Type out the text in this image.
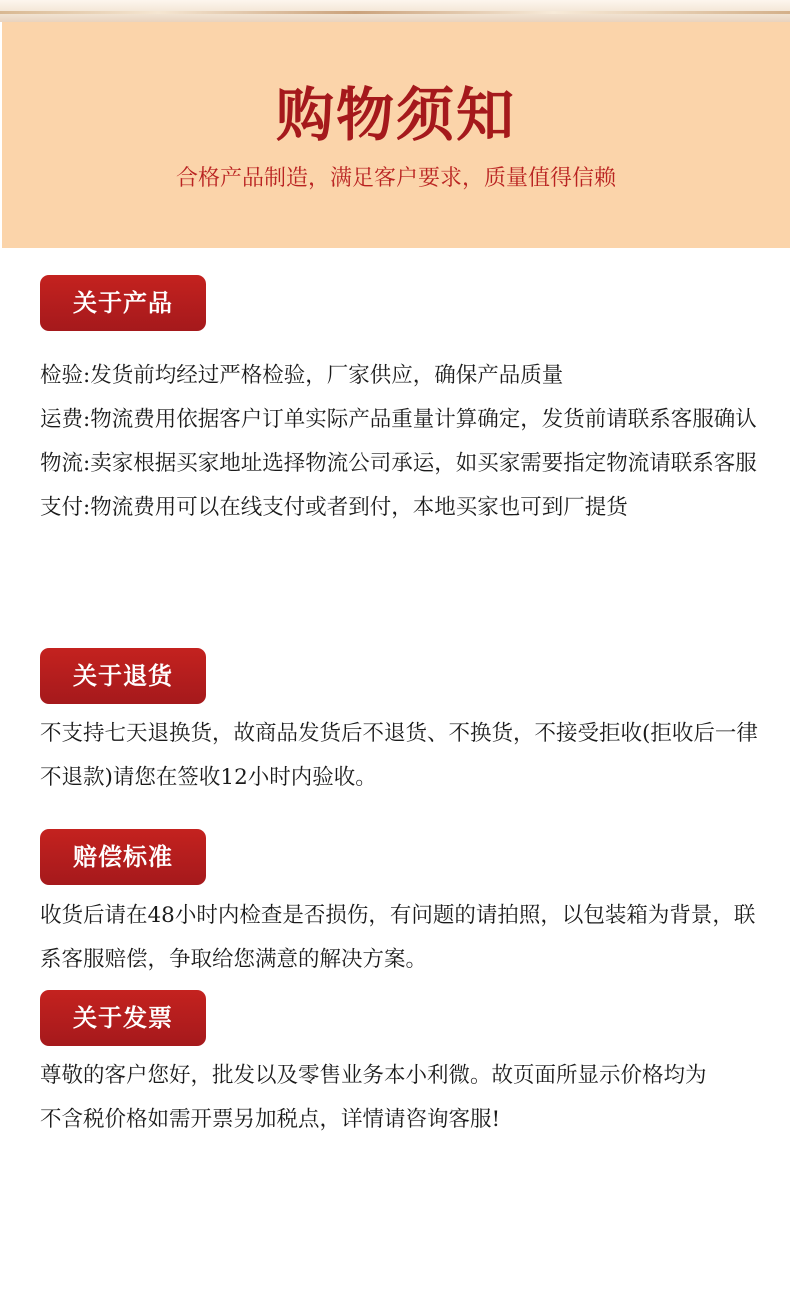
购物须知
合格产品制造，满足客户要求，质量值得信赖
关于产品

检验:发货前均经过严格检验，厂家供应，确保产品质量

运费:物流费用依据客户订单实际产品重量计算确定，发货前请联系客服确认

物流:卖家根据买家地址选择物流公司承运，如买家需要指定物流请联系客服

支付:物流费用可以在线支付或者到付，本地买家也可到厂提货

关于退货

不支持七天退换货，故商品发货后不退货、不换货，不接受拒收(拒收后一律不退款)请您在签收12小时内验收。

赔偿标准

收货后请在48小时内检查是否损伤，有问题的请拍照，以包装箱为背景，联系客服赔偿，争取给您满意的解决方案。

关于发票

尊敬的客户您好，批发以及零售业务本小利微。故页面所显示价格均为不含税价格如需开票另加税点，详情请咨询客服!
